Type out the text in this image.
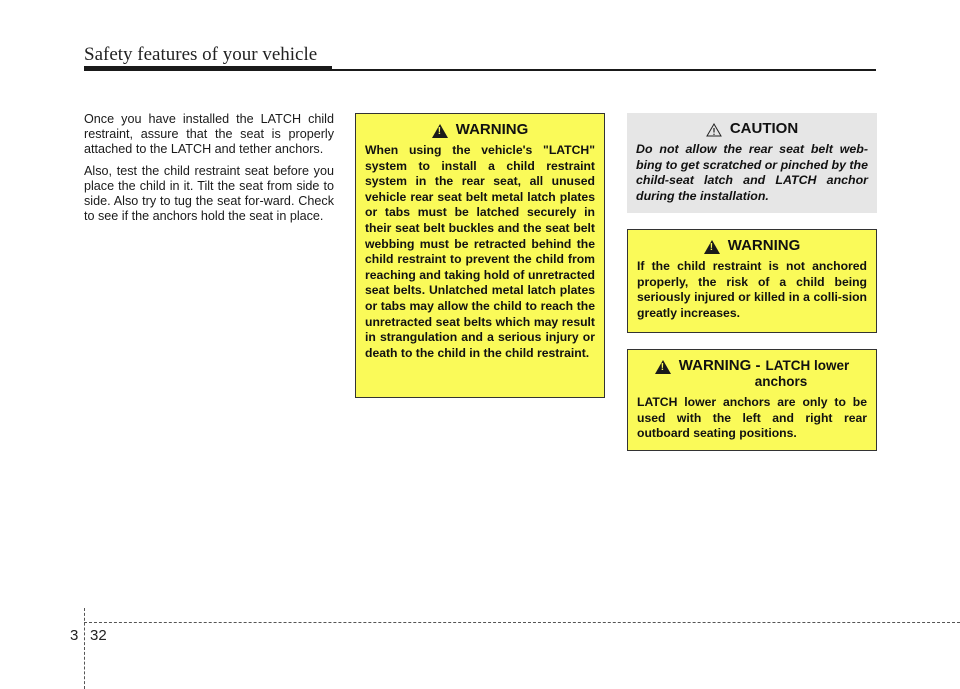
Safety features of your vehicle

Once you have installed the LATCH child restraint, assure that the seat is properly attached to the LATCH and tether anchors.

Also, test the child restraint seat before you place the child in it. Tilt the seat from side to side. Also try to tug the seat for-ward. Check to see if the anchors hold the seat in place.

!
WARNING
When using the vehicle's "LATCH" system to install a child restraint system in the rear seat, all unused vehicle rear seat belt metal latch plates or tabs must be latched securely in their seat belt buckles and the seat belt webbing must be retracted behind the child restraint to prevent the child from reaching and taking hold of unretracted seat belts. Unlatched metal latch plates or tabs may allow the child to reach the unretracted seat belts which may result in strangulation and a serious injury or death to the child in the child restraint.
CAUTION
Do not allow the rear seat belt web-bing to get scratched or pinched by the child-seat latch and LATCH anchor during the installation.
!
WARNING
If the child restraint is not anchored properly, the risk of a child being seriously injured or killed in a colli-sion greatly increases.
!
WARNING - LATCH lower
anchors
LATCH lower anchors are only to be used with the left and right rear outboard seating positions.
3 32
